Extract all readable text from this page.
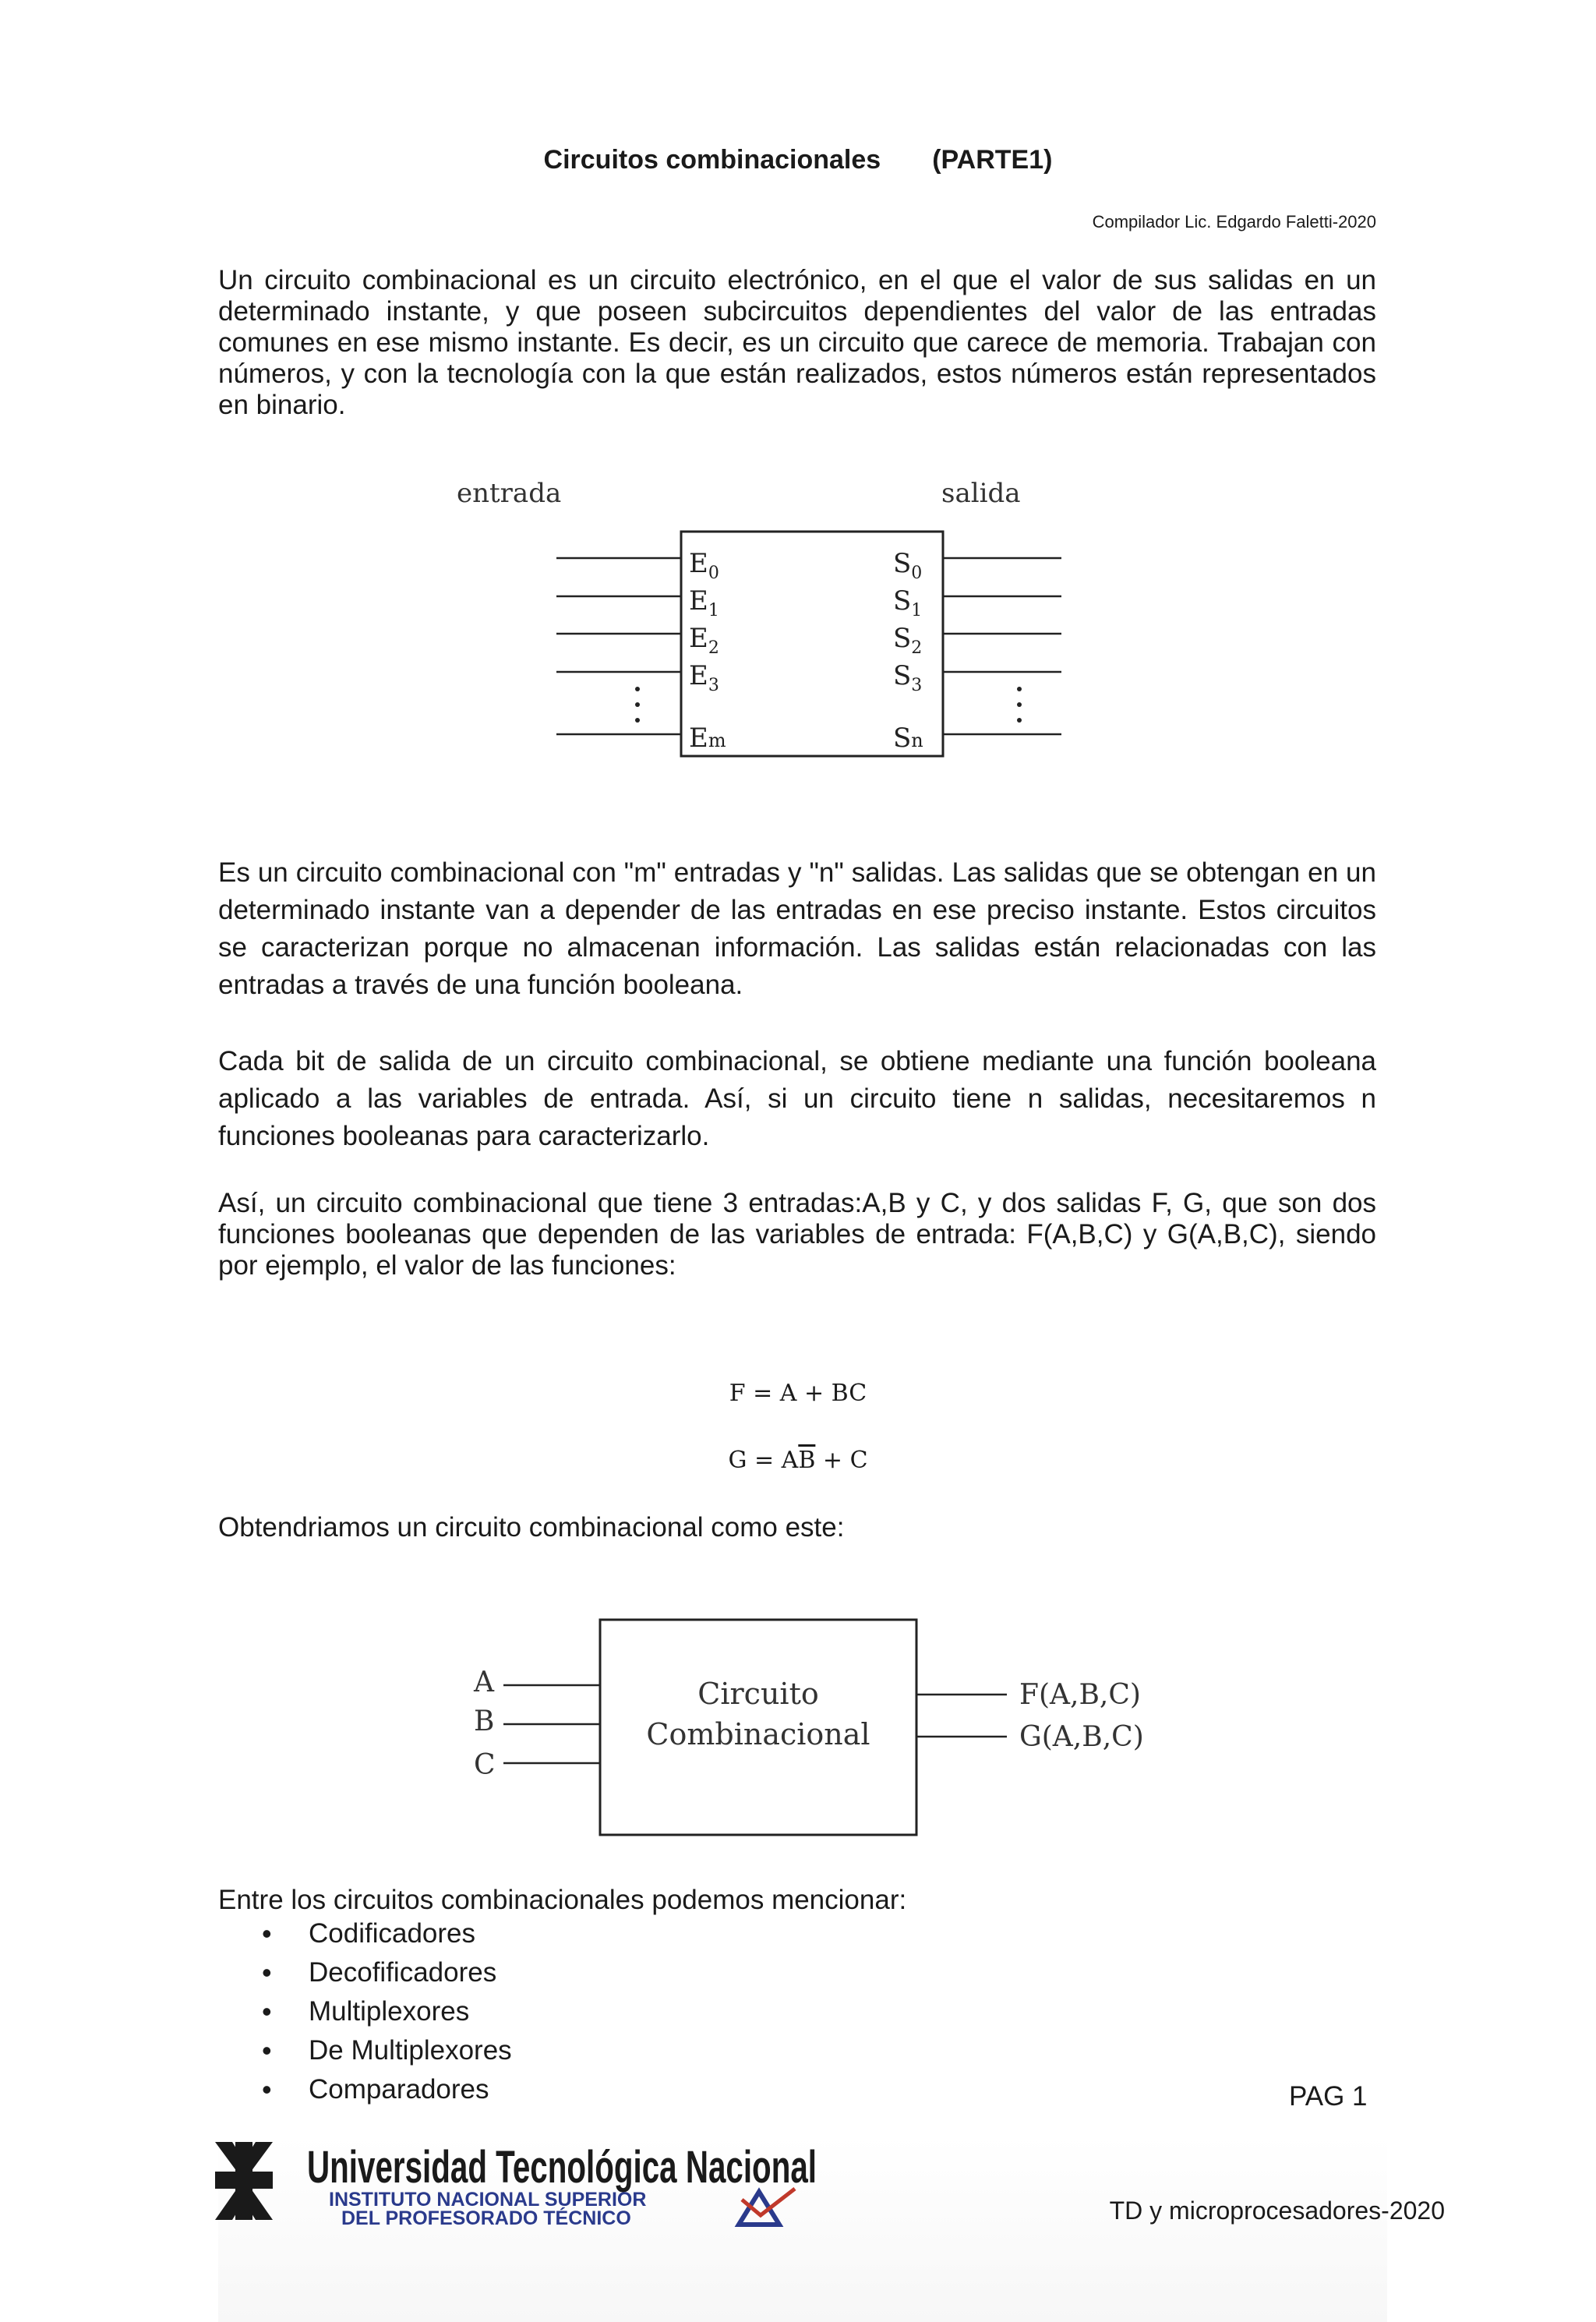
Circuitos combinacionales (PARTE1)
Compilador Lic. Edgardo Faletti-2020

Un circuito combinacional es un circuito electrónico, en el que el valor de sus salidas en un determinado instante, y que poseen subcircuitos dependientes del valor de las entradas comunes en ese mismo instante. Es decir, es un circuito que carece de memoria. Trabajan con números, y con la tecnología con la que están realizados, estos números están representados en binario.

entrada	salida
$E_0$
$E_1$
$E_2$
$E_3$
Em
$S_0$
$S_1$
$S_2$
$S_3$
Sn

Es un circuito combinacional con "m" entradas y "n" salidas. Las salidas que se obtengan en un determinado instante van a depender de las entradas en ese preciso instante. Estos circuitos se caracterizan porque no almacenan información. Las salidas están relacionadas con las entradas a través de una función booleana.

Cada bit de salida de un circuito combinacional, se obtiene mediante una función booleana aplicado a las variables de entrada. Así, si un circuito tiene n salidas, necesitaremos n funciones booleanas para caracterizarlo.

Así, un circuito combinacional que tiene 3 entradas:A,B y C, y dos salidas F, G, que son dos funciones booleanas que dependen de las variables de entrada: F(A,B,C) y G(A,B,C), siendo por ejemplo, el valor de las funciones:

F = A + BC
$G = A\overline{B} + C$

Obtendriamos un circuito combinacional como este:

A
B
C
Circuito
Combinacional
F(A,B,C)
G(A,B,C)

Entre los circuitos combinacionales podemos mencionar:

• Codificadores
• Decofificadores
• Multiplexores
• De Multiplexores
• Comparadores	PAG 1
Universidad Tecnológica Nacional
INSTITUTO NACIONAL SUPERIOR
DEL PROFESORADO TÉCNICO	TD y microprocesadores-2020
